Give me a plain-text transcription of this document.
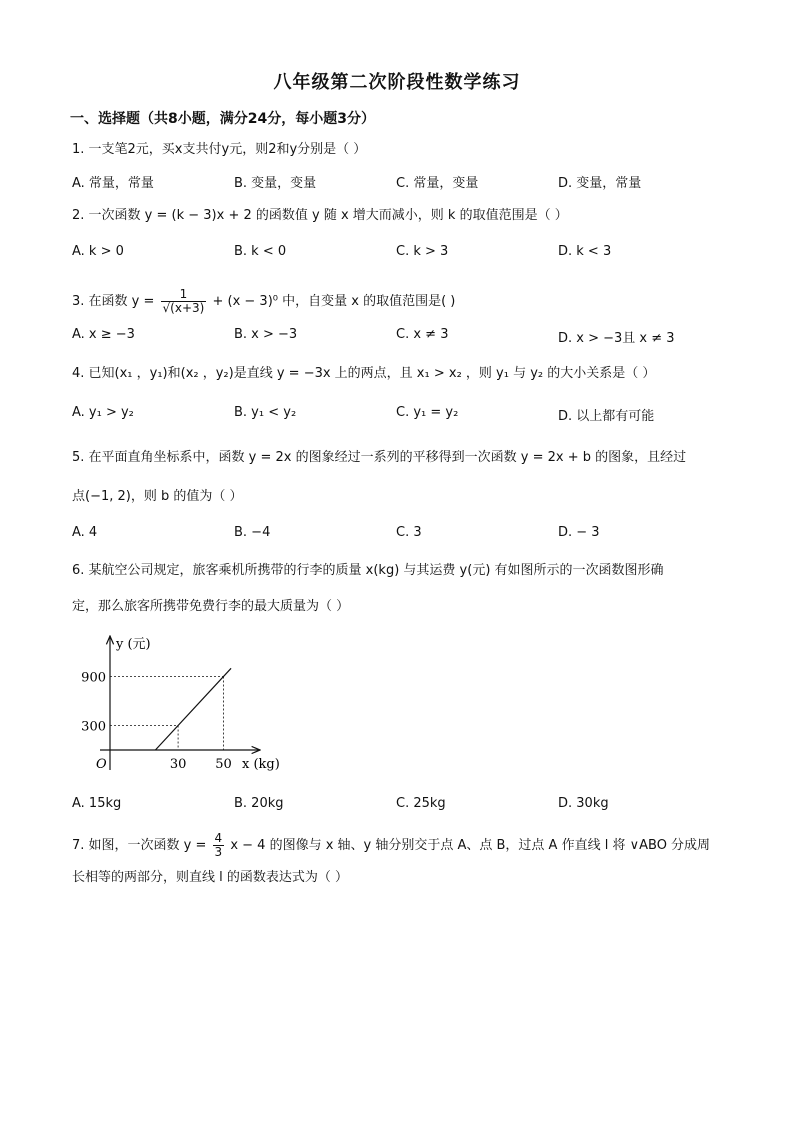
八年级第二次阶段性数学练习
一、选择题（共8小题，满分24分，每小题3分）
1. 一支笔2元，买x支共付y元，则2和y分别是（ ）
A. 常量，常量	B. 变量，变量	C. 常量，变量	D. 变量，常量
2. 一次函数 y = (k − 3)x + 2 的函数值 y 随 x 增大而减小，则 k 的取值范围是（ ）
A. k > 0	B. k < 0	C. k > 3	D. k < 3
3. 在函数 $y = \frac{1}{√(x+3)} + (x - 3)^0$ 中，自变量 x 的取值范围是( )
A. x ≥ −3	B. x > −3	C. x ≠ 3	D. x > −3且 x ≠ 3
4. 已知(x₁ ，y₁)和(x₂ ，y₂)是直线 y = −3x 上的两点，且 x₁ > x₂ ，则 y₁ 与 y₂ 的大小关系是（ ）
A. y₁ > y₂	B. y₁ < y₂	C. y₁ = y₂	D. 以上都有可能
5. 在平面直角坐标系中，函数 y = 2x 的图象经过一系列的平移得到一次函数 y = 2x + b 的图象，且经过
点(−1, 2)，则 b 的值为（ ）
A. 4	B. −4	C. 3	D. − 3
6. 某航空公司规定，旅客乘机所携带的行李的质量 x(kg) 与其运费 y(元) 有如图所示的一次函数图形确
定，那么旅客所携带免费行李的最大质量为（ ）
300
900
30 50
O	x (kg)
y (元)
A. 15kg	B. 20kg	C. 25kg	D. 30kg
7. 如图，一次函数 $y = \frac{4}{3}$ x − 4 的图像与 x 轴、y 轴分别交于点 A、点 B，过点 A 作直线 l 将 ∨ABO 分成周
长相等的两部分，则直线 l 的函数表达式为（ ）
